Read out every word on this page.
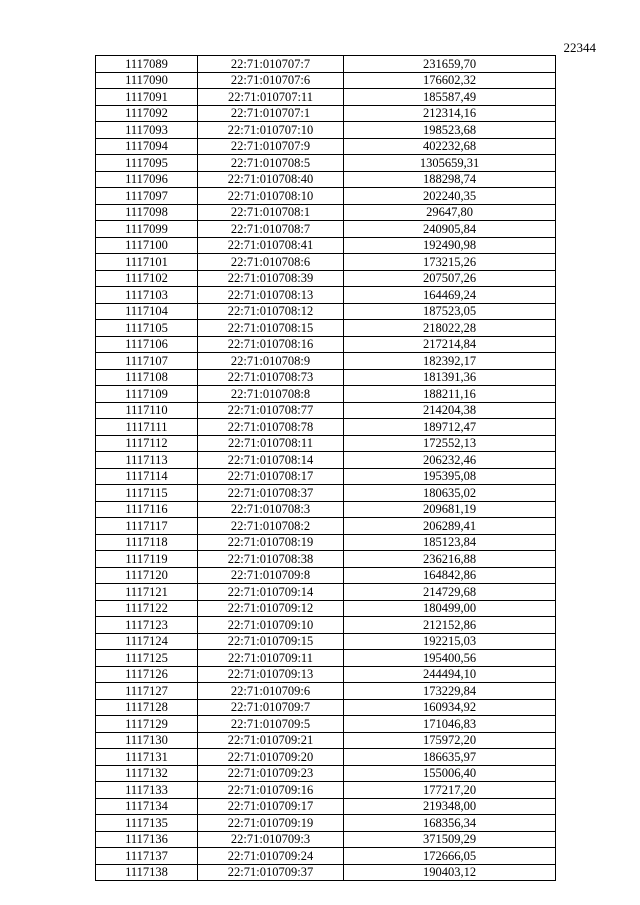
22344
1117089	22:71:010707:7	231659,70
1117090	22:71:010707:6	176602,32
1117091	22:71:010707:11	185587,49
1117092	22:71:010707:1	212314,16
1117093	22:71:010707:10	198523,68
1117094	22:71:010707:9	402232,68
1117095	22:71:010708:5	1305659,31
1117096	22:71:010708:40	188298,74
1117097	22:71:010708:10	202240,35
1117098	22:71:010708:1	29647,80
1117099	22:71:010708:7	240905,84
1117100	22:71:010708:41	192490,98
1117101	22:71:010708:6	173215,26
1117102	22:71:010708:39	207507,26
1117103	22:71:010708:13	164469,24
1117104	22:71:010708:12	187523,05
1117105	22:71:010708:15	218022,28
1117106	22:71:010708:16	217214,84
1117107	22:71:010708:9	182392,17
1117108	22:71:010708:73	181391,36
1117109	22:71:010708:8	188211,16
1117110	22:71:010708:77	214204,38
1117111	22:71:010708:78	189712,47
1117112	22:71:010708:11	172552,13
1117113	22:71:010708:14	206232,46
1117114	22:71:010708:17	195395,08
1117115	22:71:010708:37	180635,02
1117116	22:71:010708:3	209681,19
1117117	22:71:010708:2	206289,41
1117118	22:71:010708:19	185123,84
1117119	22:71:010708:38	236216,88
1117120	22:71:010709:8	164842,86
1117121	22:71:010709:14	214729,68
1117122	22:71:010709:12	180499,00
1117123	22:71:010709:10	212152,86
1117124	22:71:010709:15	192215,03
1117125	22:71:010709:11	195400,56
1117126	22:71:010709:13	244494,10
1117127	22:71:010709:6	173229,84
1117128	22:71:010709:7	160934,92
1117129	22:71:010709:5	171046,83
1117130	22:71:010709:21	175972,20
1117131	22:71:010709:20	186635,97
1117132	22:71:010709:23	155006,40
1117133	22:71:010709:16	177217,20
1117134	22:71:010709:17	219348,00
1117135	22:71:010709:19	168356,34
1117136	22:71:010709:3	371509,29
1117137	22:71:010709:24	172666,05
1117138	22:71:010709:37	190403,12
